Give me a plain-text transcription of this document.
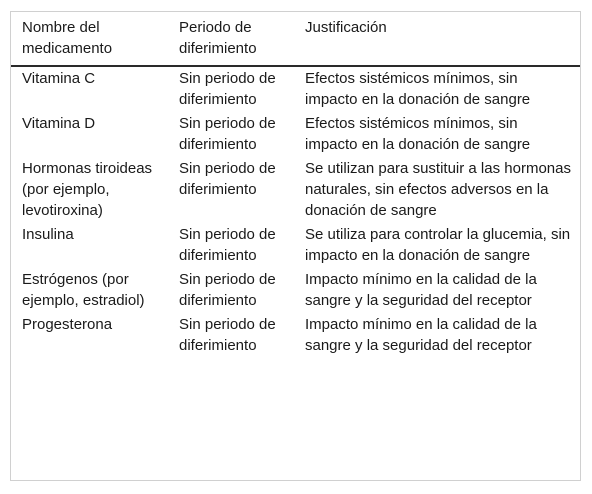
Nombre del medicamento	Periodo de diferimiento	Justificación
Vitamina C	Sin periodo de diferimiento	Efectos sistémicos mínimos, sin impacto en la donación de sangre
Vitamina D	Sin periodo de diferimiento	Efectos sistémicos mínimos, sin impacto en la donación de sangre
Hormonas tiroideas (por ejemplo, levotiroxina)	Sin periodo de diferimiento	Se utilizan para sustituir a las hormonas naturales, sin efectos adversos en la donación de sangre
Insulina	Sin periodo de diferimiento	Se utiliza para controlar la glucemia, sin impacto en la donación de sangre
Estrógenos (por ejemplo, estradiol)	Sin periodo de diferimiento	Impacto mínimo en la calidad de la sangre y la seguridad del receptor
Progesterona	Sin periodo de diferimiento	Impacto mínimo en la calidad de la sangre y la seguridad del receptor
